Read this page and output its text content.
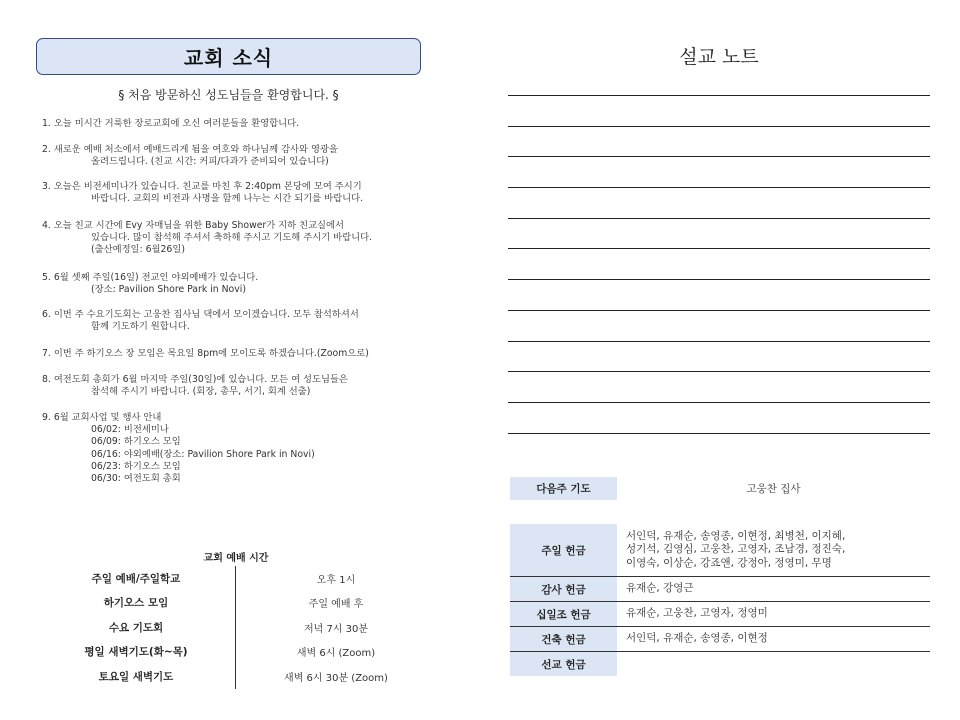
교회 소식
§ 처음 방문하신 성도님들을 환영합니다. §
1. 오늘 미시간 거룩한 장로교회에 오신 여러분들을 환영합니다.
2. 새로운 예배 처소에서 예배드리게 됨을 여호와 하나님께 감사와 영광을
올려드립니다. (친교 시간: 커피/다과가 준비되어 있습니다)
3. 오늘은 비전세미나가 있습니다. 친교를 마친 후 2:40pm 본당에 모여 주시기
바랍니다. 교회의 비전과 사명을 함께 나누는 시간 되기를 바랍니다.
4. 오늘 친교 시간에 Evy 자매님을 위한 Baby Shower가 지하 친교실에서
있습니다. 많이 참석해 주셔서 축하해 주시고 기도해 주시기 바랍니다.
(출산예정일: 6월26일)
5. 6월 셋째 주일(16일) 전교인 야외예배가 있습니다.
(장소: Pavilion Shore Park in Novi)
6. 이번 주 수요기도회는 고웅찬 집사님 댁에서 모이겠습니다. 모두 참석하셔서
함께 기도하기 원합니다.
7. 이번 주 하기오스 장 모임은 목요일 8pm에 모이도록 하겠습니다.(Zoom으로)
8. 여전도회 총회가 6월 마지막 주일(30일)에 있습니다. 모든 여 성도님들은
참석해 주시기 바랍니다. (회장, 총무, 서기, 회계 선출)
9. 6월 교회사업 및 행사 안내
06/02: 비전세미나
06/09: 하기오스 모임
06/16: 야외예배(장소: Pavilion Shore Park in Novi)
06/23: 하기오스 모임
06/30: 여전도회 총회
교회 예배 시간
주일 예배/주일학교	오후 1시
하기오스 모임	주일 예배 후
수요 기도회	저녁 7시 30분
평일 새벽기도(화~목)	새벽 6시 (Zoom)
토요일 새벽기도	새벽 6시 30분 (Zoom)
설교 노트
다음주 기도	고웅찬 집사
주일 헌금
서인덕, 유재순, 송영종, 이현정, 최병천, 이지혜,
성기석, 김영심, 고웅찬, 고영자, 조남경, 정진숙,
이영숙, 이상순, 강죠앤, 강정아, 정영미, 무명
감사 헌금	유재순, 강영근
십일조 헌금	유재순, 고웅찬, 고영자, 정영미
건축 헌금	서인덕, 유재순, 송영종, 이현정
선교 헌금
